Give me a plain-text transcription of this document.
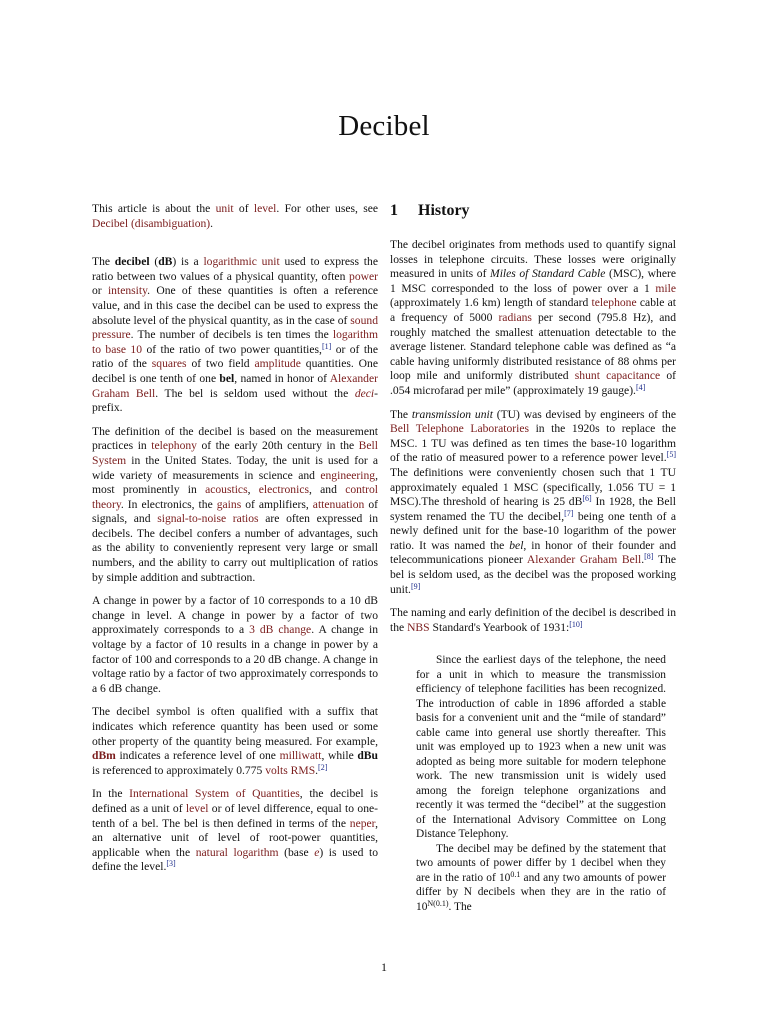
Decibel

This article is about the unit of level. For other uses, see Decibel (disambiguation).

The decibel (dB) is a logarithmic unit used to express the ratio between two values of a physical quantity, often power or intensity. One of these quantities is often a reference value, and in this case the decibel can be used to express the absolute level of the physical quantity, as in the case of sound pressure. The number of decibels is ten times the logarithm to base 10 of the ratio of two power quantities,[1] or of the ratio of the squares of two field amplitude quantities. One decibel is one tenth of one bel, named in honor of Alexander Graham Bell. The bel is seldom used without the deci- prefix.

The definition of the decibel is based on the measurement practices in telephony of the early 20th century in the Bell System in the United States. Today, the unit is used for a wide variety of measurements in science and engineering, most prominently in acoustics, electronics, and control theory. In electronics, the gains of amplifiers, attenuation of signals, and signal-to-noise ratios are often expressed in decibels. The decibel confers a number of advantages, such as the ability to conveniently represent very large or small numbers, and the ability to carry out multiplication of ratios by simple addition and subtraction.

A change in power by a factor of 10 corresponds to a 10 dB change in level. A change in power by a factor of two approximately corresponds to a 3 dB change. A change in voltage by a factor of 10 results in a change in power by a factor of 100 and corresponds to a 20 dB change. A change in voltage ratio by a factor of two approximately corresponds to a 6 dB change.

The decibel symbol is often qualified with a suffix that indicates which reference quantity has been used or some other property of the quantity being measured. For example, dBm indicates a reference level of one milliwatt, while dBu is referenced to approximately 0.775 volts RMS.[2]

In the International System of Quantities, the decibel is defined as a unit of level or of level difference, equal to one-tenth of a bel. The bel is then defined in terms of the neper, an alternative unit of level of root-power quantities, applicable when the natural logarithm (base e) is used to define the level.[3]

1 History

The decibel originates from methods used to quantify signal losses in telephone circuits. These losses were originally measured in units of Miles of Standard Cable (MSC), where 1 MSC corresponded to the loss of power over a 1 mile (approximately 1.6 km) length of standard telephone cable at a frequency of 5000 radians per second (795.8 Hz), and roughly matched the smallest attenuation detectable to the average listener. Standard telephone cable was defined as “a cable having uniformly distributed resistance of 88 ohms per loop mile and uniformly distributed shunt capacitance of .054 microfarad per mile” (approximately 19 gauge).[4]

The transmission unit (TU) was devised by engineers of the Bell Telephone Laboratories in the 1920s to replace the MSC. 1 TU was defined as ten times the base-10 logarithm of the ratio of measured power to a reference power level.[5] The definitions were conveniently chosen such that 1 TU approximately equaled 1 MSC (specifically, 1.056 TU = 1 MSC).The threshold of hearing is 25 dB[6] In 1928, the Bell system renamed the TU the decibel,[7] being one tenth of a newly defined unit for the base-10 logarithm of the power ratio. It was named the bel, in honor of their founder and telecommunications pioneer Alexander Graham Bell.[8] The bel is seldom used, as the decibel was the proposed working unit.[9]

The naming and early definition of the decibel is described in the NBS Standard's Yearbook of 1931:[10]

Since the earliest days of the telephone, the need for a unit in which to measure the transmission efficiency of telephone facilities has been recognized. The introduction of cable in 1896 afforded a stable basis for a convenient unit and the “mile of standard” cable came into general use shortly thereafter. This unit was employed up to 1923 when a new unit was adopted as being more suitable for modern telephone work. The new transmission unit is widely used among the foreign telephone organizations and recently it was termed the “decibel” at the suggestion of the International Advisory Committee on Long Distance Telephony.

The decibel may be defined by the statement that two amounts of power differ by 1 decibel when they are in the ratio of $10^{0.1}$ and any two amounts of power differ by N decibels when they are in the ratio of $10^{N(0.1)}$. The

1
